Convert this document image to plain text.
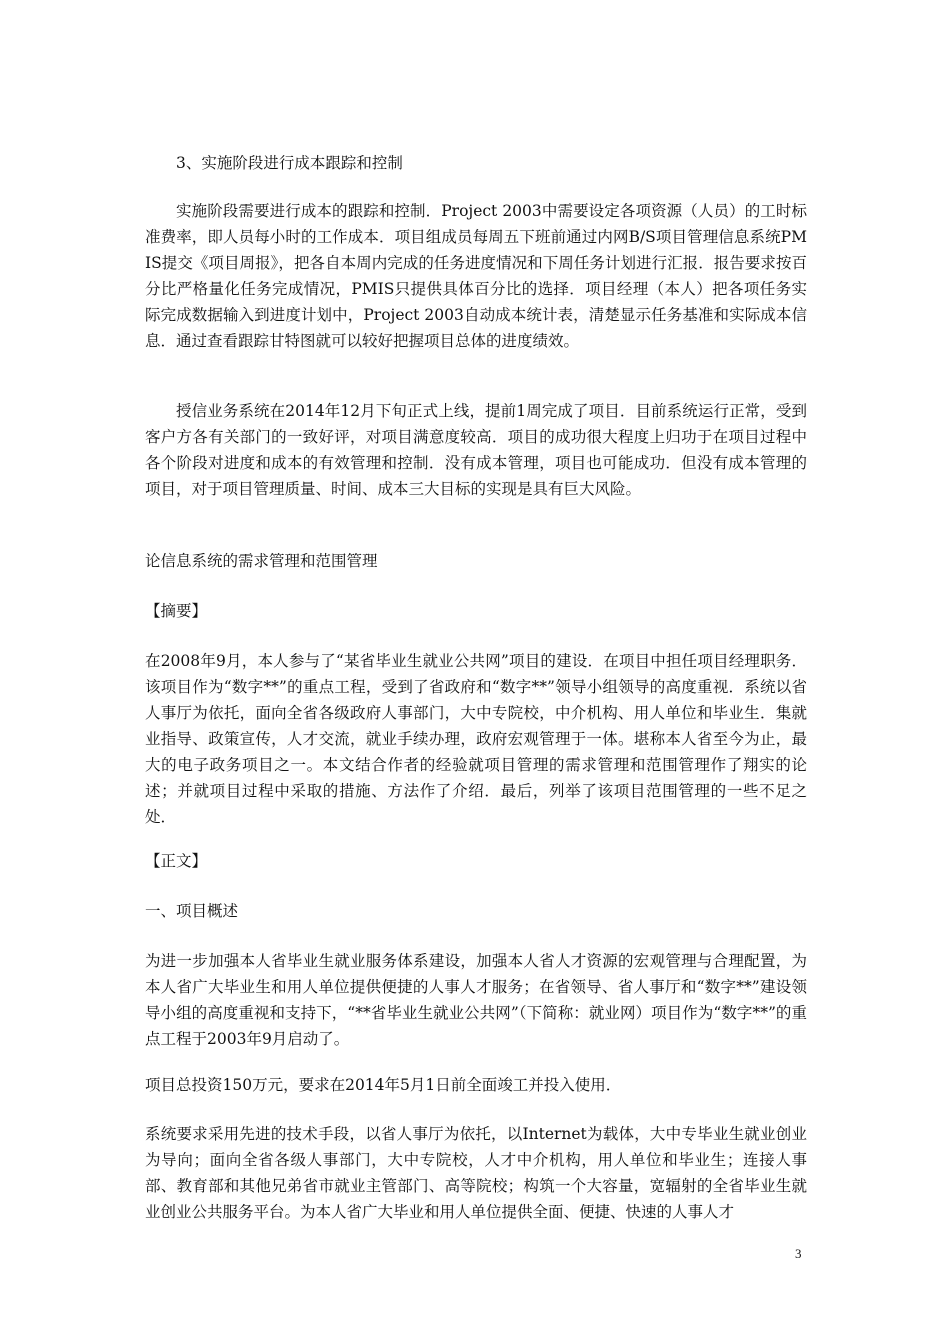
3、实施阶段进行成本跟踪和控制

实施阶段需要进行成本的跟踪和控制．Project 2003中需要设定各项资源（人员）的工时标准费率，即人员每小时的工作成本．项目组成员每周五下班前通过内网B/S项目管理信息系统PMIS提交《项目周报》，把各自本周内完成的任务进度情况和下周任务计划进行汇报．报告要求按百分比严格量化任务完成情况，PMIS只提供具体百分比的选择．项目经理（本人）把各项任务实际完成数据输入到进度计划中，Project 2003自动成本统计表，清楚显示任务基准和实际成本信息．通过查看跟踪甘特图就可以较好把握项目总体的进度绩效。

授信业务系统在2014年12月下旬正式上线，提前1周完成了项目．目前系统运行正常，受到客户方各有关部门的一致好评，对项目满意度较高．项目的成功很大程度上归功于在项目过程中各个阶段对进度和成本的有效管理和控制．没有成本管理，项目也可能成功．但没有成本管理的项目，对于项目管理质量、时间、成本三大目标的实现是具有巨大风险。

论信息系统的需求管理和范围管理

【摘要】

在2008年9月，本人参与了“某省毕业生就业公共网”项目的建设．在项目中担任项目经理职务．该项目作为“数字**”的重点工程，受到了省政府和“数字**”领导小组领导的高度重视．系统以省人事厅为依托，面向全省各级政府人事部门，大中专院校，中介机构、用人单位和毕业生．集就业指导、政策宣传，人才交流，就业手续办理，政府宏观管理于一体。堪称本人省至今为止，最大的电子政务项目之一。本文结合作者的经验就项目管理的需求管理和范围管理作了翔实的论述；并就项目过程中采取的措施、方法作了介绍．最后，列举了该项目范围管理的一些不足之处．

【正文】

一、项目概述

为进一步加强本人省毕业生就业服务体系建设，加强本人省人才资源的宏观管理与合理配置，为本人省广大毕业生和用人单位提供便捷的人事人才服务；在省领导、省人事厅和“数字**”建设领导小组的高度重视和支持下，“**省毕业生就业公共网”（下简称：就业网）项目作为“数字**”的重点工程于2003年9月启动了。

项目总投资150万元，要求在2014年5月1日前全面竣工并投入使用．

系统要求采用先进的技术手段，以省人事厅为依托，以Internet为载体，大中专毕业生就业创业为导向；面向全省各级人事部门，大中专院校，人才中介机构，用人单位和毕业生；连接人事部、教育部和其他兄弟省市就业主管部门、高等院校；构筑一个大容量，宽辐射的全省毕业生就业创业公共服务平台。为本人省广大毕业和用人单位提供全面、便捷、快速的人事人才

3
